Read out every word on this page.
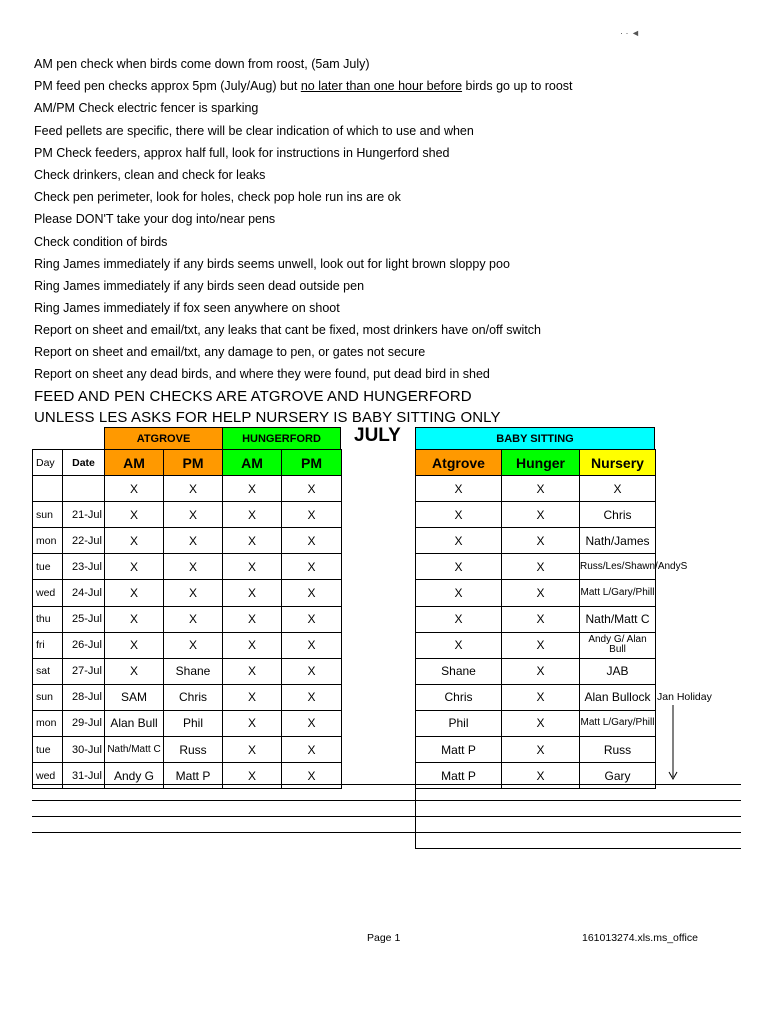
· · ◄
AM pen check when birds come down from roost, (5am July)
PM feed pen checks approx 5pm (July/Aug) but no later than one hour before birds go up to roost
AM/PM Check electric fencer is sparking
Feed pellets are specific, there will be clear indication of which to use and when
PM Check feeders, approx half full, look for instructions in Hungerford shed
Check drinkers, clean and check for leaks
Check pen perimeter, look for holes, check pop hole run ins are ok
Please DON'T take your dog into/near pens
Check condition of birds
Ring James immediately if any birds seems unwell, look out for light brown sloppy poo
Ring James immediately if any birds seen dead outside pen
Ring James immediately if fox seen anywhere on shoot
Report on sheet and email/txt, any leaks that cant be fixed, most drinkers have on/off switch
Report on sheet and email/txt, any damage to pen, or gates not secure
Report on sheet any dead birds, and where they were found, put dead bird in shed
FEED AND PEN CHECKS ARE ATGROVE AND HUNGERFORD
UNLESS LES ASKS FOR HELP NURSERY IS BABY SITTING ONLY
JULY
ATGROVE	HUNGERFORD	BABY SITTING
Day	Date	AM	PM	AM	PM
		X	X	X	X
sun	21-Jul	X	X	X	X
mon	22-Jul	X	X	X	X
tue	23-Jul	X	X	X	X
wed	24-Jul	X	X	X	X
thu	25-Jul	X	X	X	X
fri	26-Jul	X	X	X	X
sat	27-Jul	X	Shane	X	X
sun	28-Jul	SAM	Chris	X	X
mon	29-Jul	Alan Bull	Phil	X	X
tue	30-Jul	Nath/Matt C	Russ	X	X
wed	31-Jul	Andy G	Matt P	X	X
Atgrove	Hunger	Nursery
X	X	X
X	X	Chris
X	X	Nath/James
X	X	Russ/Les/Shawn/AndyS
X	X	Matt L/Gary/Phill
X	X	Nath/Matt C
X	X	Andy G/ Alan Bull
Shane	X	JAB
Chris	X	Alan Bullock
Phil	X	Matt L/Gary/Phill
Matt P	X	Russ
Matt P	X	Gary
Jan Holiday
Page 1	161013274.xls.ms_office
